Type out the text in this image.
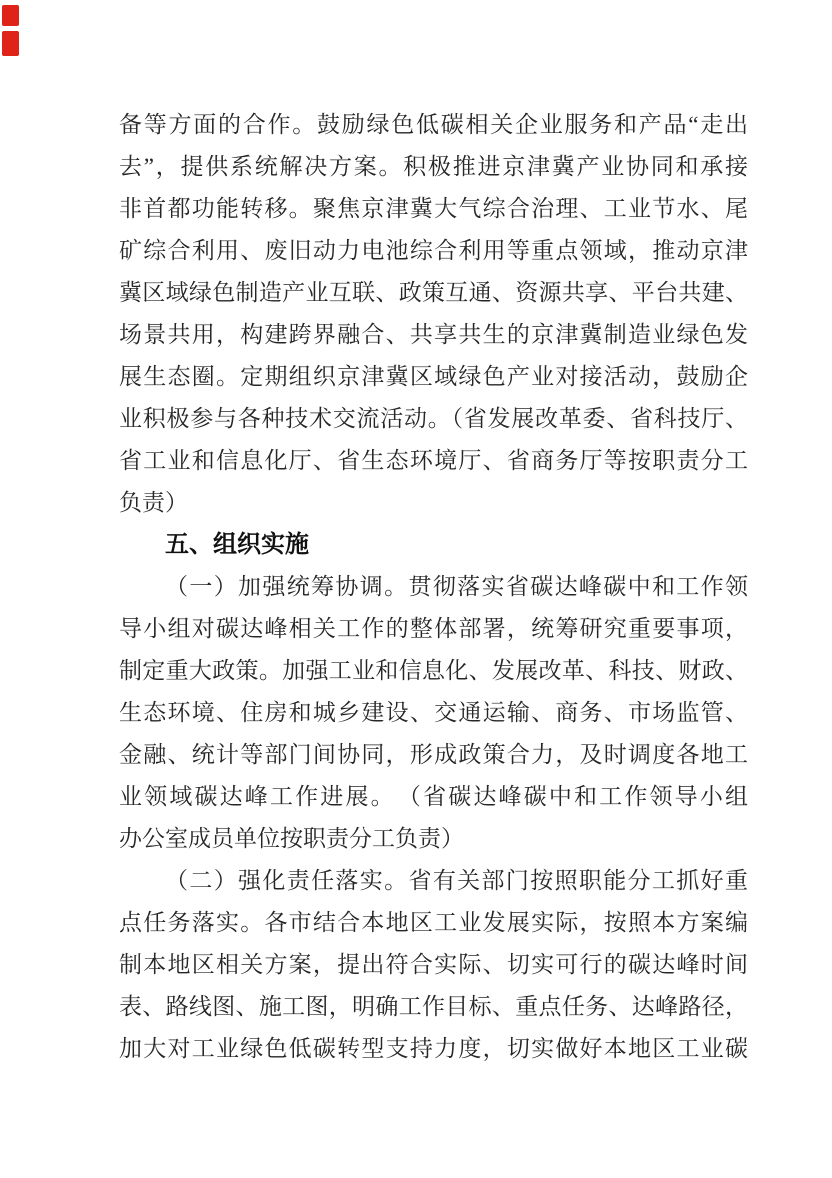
备等方面的合作。鼓励绿色低碳相关企业服务和产品“走出
去”，提供系统解决方案。积极推进京津冀产业协同和承接
非首都功能转移。聚焦京津冀大气综合治理、工业节水、尾
矿综合利用、废旧动力电池综合利用等重点领域，推动京津
冀区域绿色制造产业互联、政策互通、资源共享、平台共建、
场景共用，构建跨界融合、共享共生的京津冀制造业绿色发
展生态圈。定期组织京津冀区域绿色产业对接活动，鼓励企
业积极参与各种技术交流活动。（省发展改革委、省科技厅、
省工业和信息化厅、省生态环境厅、省商务厅等按职责分工
负责）
五、组织实施
（一）加强统筹协调。贯彻落实省碳达峰碳中和工作领
导小组对碳达峰相关工作的整体部署，统筹研究重要事项，
制定重大政策。加强工业和信息化、发展改革、科技、财政、
生态环境、住房和城乡建设、交通运输、商务、市场监管、
金融、统计等部门间协同，形成政策合力，及时调度各地工
业领域碳达峰工作进展。　（省碳达峰碳中和工作领导小组
办公室成员单位按职责分工负责）
（二）强化责任落实。省有关部门按照职能分工抓好重
点任务落实。各市结合本地区工业发展实际，按照本方案编
制本地区相关方案，提出符合实际、切实可行的碳达峰时间
表、路线图、施工图，明确工作目标、重点任务、达峰路径，
加大对工业绿色低碳转型支持力度，切实做好本地区工业碳
